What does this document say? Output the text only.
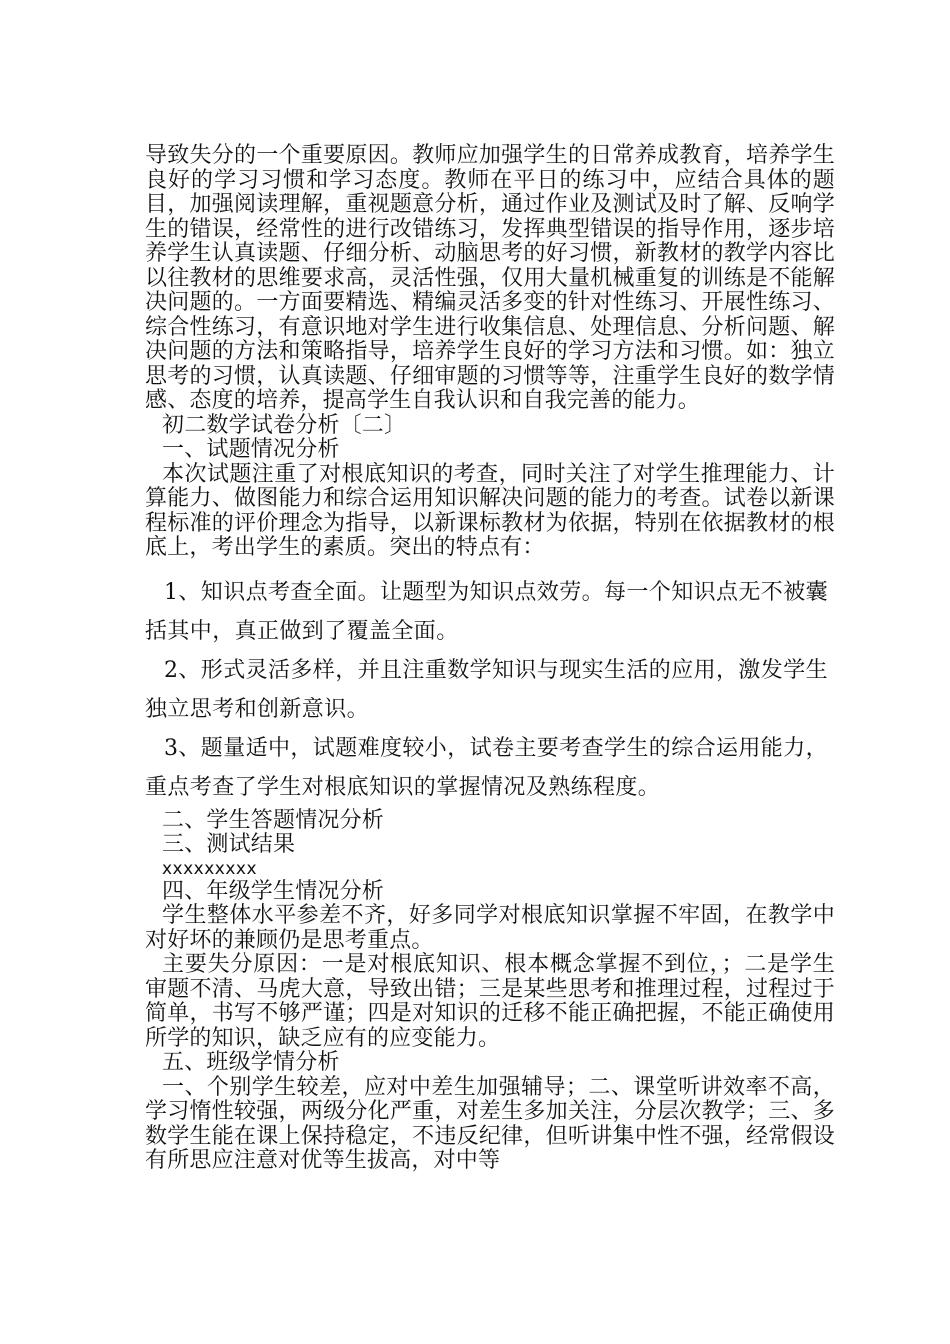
导致失分的一个重要原因。教师应加强学生的日常养成教育，培养学生良好的学习习惯和学习态度。教师在平日的练习中，应结合具体的题目，加强阅读理解，重视题意分析，通过作业及测试及时了解、反响学生的错误，经常性的进行改错练习，发挥典型错误的指导作用，逐步培养学生认真读题、仔细分析、动脑思考的好习惯，新教材的教学内容比以往教材的思维要求高，灵活性强，仅用大量机械重复的训练是不能解决问题的。一方面要精选、精编灵活多变的针对性练习、开展性练习、综合性练习，有意识地对学生进行收集信息、处理信息、分析问题、解决问题的方法和策略指导，培养学生良好的学习方法和习惯。如：独立思考的习惯，认真读题、仔细审题的习惯等等，注重学生良好的数学情感、态度的培养，提高学生自我认识和自我完善的能力。

初二数学试卷分析〔二〕

一、试题情况分析

本次试题注重了对根底知识的考查，同时关注了对学生推理能力、计算能力、做图能力和综合运用知识解决问题的能力的考查。试卷以新课程标准的评价理念为指导，以新课标教材为依据，特别在依据教材的根底上，考出学生的素质。突出的特点有：

1、知识点考查全面。让题型为知识点效劳。每一个知识点无不被囊括其中，真正做到了覆盖全面。

2、形式灵活多样，并且注重数学知识与现实生活的应用，激发学生独立思考和创新意识。

3、题量适中，试题难度较小，试卷主要考查学生的综合运用能力，重点考查了学生对根底知识的掌握情况及熟练程度。

二、学生答题情况分析

三、测试结果

xxxxxxxxx

四、年级学生情况分析

学生整体水平参差不齐，好多同学对根底知识掌握不牢固，在教学中对好坏的兼顾仍是思考重点。

主要失分原因：一是对根底知识、根本概念掌握不到位，；二是学生审题不清、马虎大意，导致出错；三是某些思考和推理过程，过程过于简单，书写不够严谨；四是对知识的迁移不能正确把握，不能正确使用所学的知识，缺乏应有的应变能力。

五、班级学情分析

一、个别学生较差，应对中差生加强辅导；二、课堂听讲效率不高，学习惰性较强，两级分化严重，对差生多加关注，分层次教学；三、多数学生能在课上保持稳定，不违反纪律，但听讲集中性不强，经常假设有所思应注意对优等生拔高，对中等
